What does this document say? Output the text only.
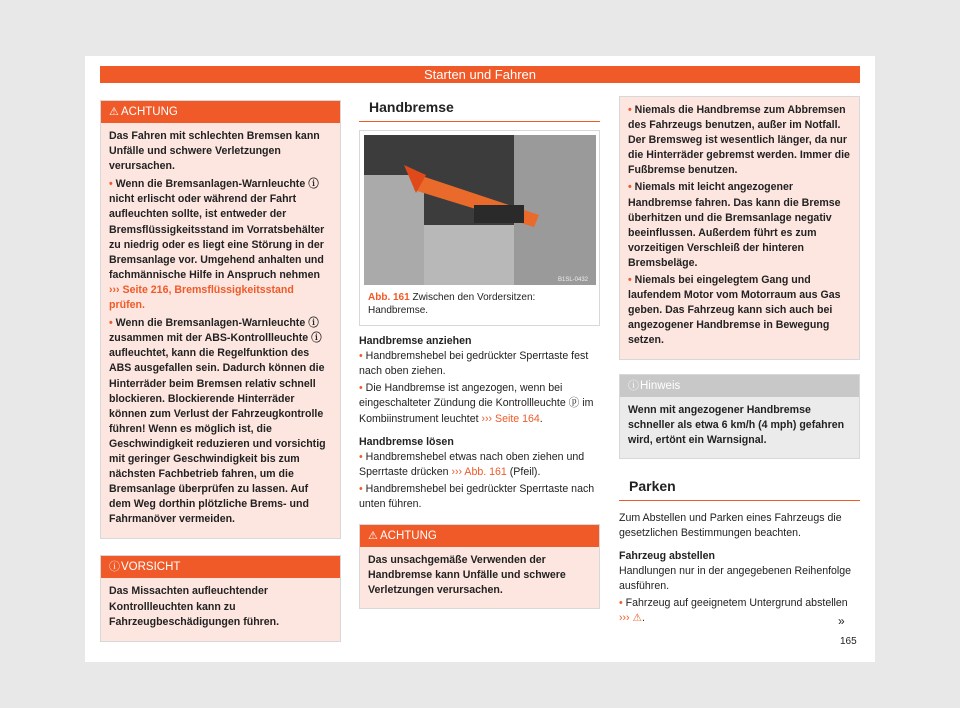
Starten und Fahren
⚠ ACHTUNG

Das Fahren mit schlechten Bremsen kann Unfälle und schwere Verletzungen verursachen.

• Wenn die Bremsanlagen-Warnleuchte ⓘ nicht erlischt oder während der Fahrt aufleuchten sollte, ist entweder der Bremsflüssigkeitsstand im Vorratsbehälter zu niedrig oder es liegt eine Störung in der Bremsanlage vor. Umgehend anhalten und fachmännische Hilfe in Anspruch nehmen ››› Seite 216, Bremsflüssigkeitsstand prüfen.

• Wenn die Bremsanlagen-Warnleuchte ⓘ zusammen mit der ABS-Kontrollleuchte ⓘ aufleuchtet, kann die Regelfunktion des ABS ausgefallen sein. Dadurch können die Hinterräder beim Bremsen relativ schnell blockieren. Blockierende Hinterräder können zum Verlust der Fahrzeugkontrolle führen! Wenn es möglich ist, die Geschwindigkeit reduzieren und vorsichtig mit geringer Geschwindigkeit bis zum nächsten Fachbetrieb fahren, um die Bremsanlage überprüfen zu lassen. Auf dem Weg dorthin plötzliche Brems- und Fahrmanöver vermeiden.

ⓘ VORSICHT

Das Missachten aufleuchtender Kontrollleuchten kann zu Fahrzeugbeschädigungen führen.

Handbremse
B1SL-0432
Abb. 161 Zwischen den Vordersitzen: Handbremse.
Handbremse anziehen

• Handbremshebel bei gedrückter Sperrtaste fest nach oben ziehen.

• Die Handbremse ist angezogen, wenn bei eingeschalteter Zündung die Kontrollleuchte ⓟ im Kombiinstrument leuchtet ››› Seite 164.

Handbremse lösen

• Handbremshebel etwas nach oben ziehen und Sperrtaste drücken ››› Abb. 161 (Pfeil).

• Handbremshebel bei gedrückter Sperrtaste nach unten führen.

⚠ ACHTUNG

Das unsachgemäße Verwenden der Handbremse kann Unfälle und schwere Verletzungen verursachen.

• Niemals die Handbremse zum Abbremsen des Fahrzeugs benutzen, außer im Notfall. Der Bremsweg ist wesentlich länger, da nur die Hinterräder gebremst werden. Immer die Fußbremse benutzen.

• Niemals mit leicht angezogener Handbremse fahren. Das kann die Bremse überhitzen und die Bremsanlage negativ beeinflussen. Außerdem führt es zum vorzeitigen Verschleiß der hinteren Bremsbeläge.

• Niemals bei eingelegtem Gang und laufendem Motor vom Motorraum aus Gas geben. Das Fahrzeug kann sich auch bei angezogener Handbremse in Bewegung setzen.

ⓘ Hinweis

Wenn mit angezogener Handbremse schneller als etwa 6 km/h (4 mph) gefahren wird, ertönt ein Warnsignal.

Parken

Zum Abstellen und Parken eines Fahrzeugs die gesetzlichen Bestimmungen beachten.

Fahrzeug abstellen

Handlungen nur in der angegebenen Reihenfolge ausführen.

• Fahrzeug auf geeignetem Untergrund abstellen ››› ⚠.	»
165
